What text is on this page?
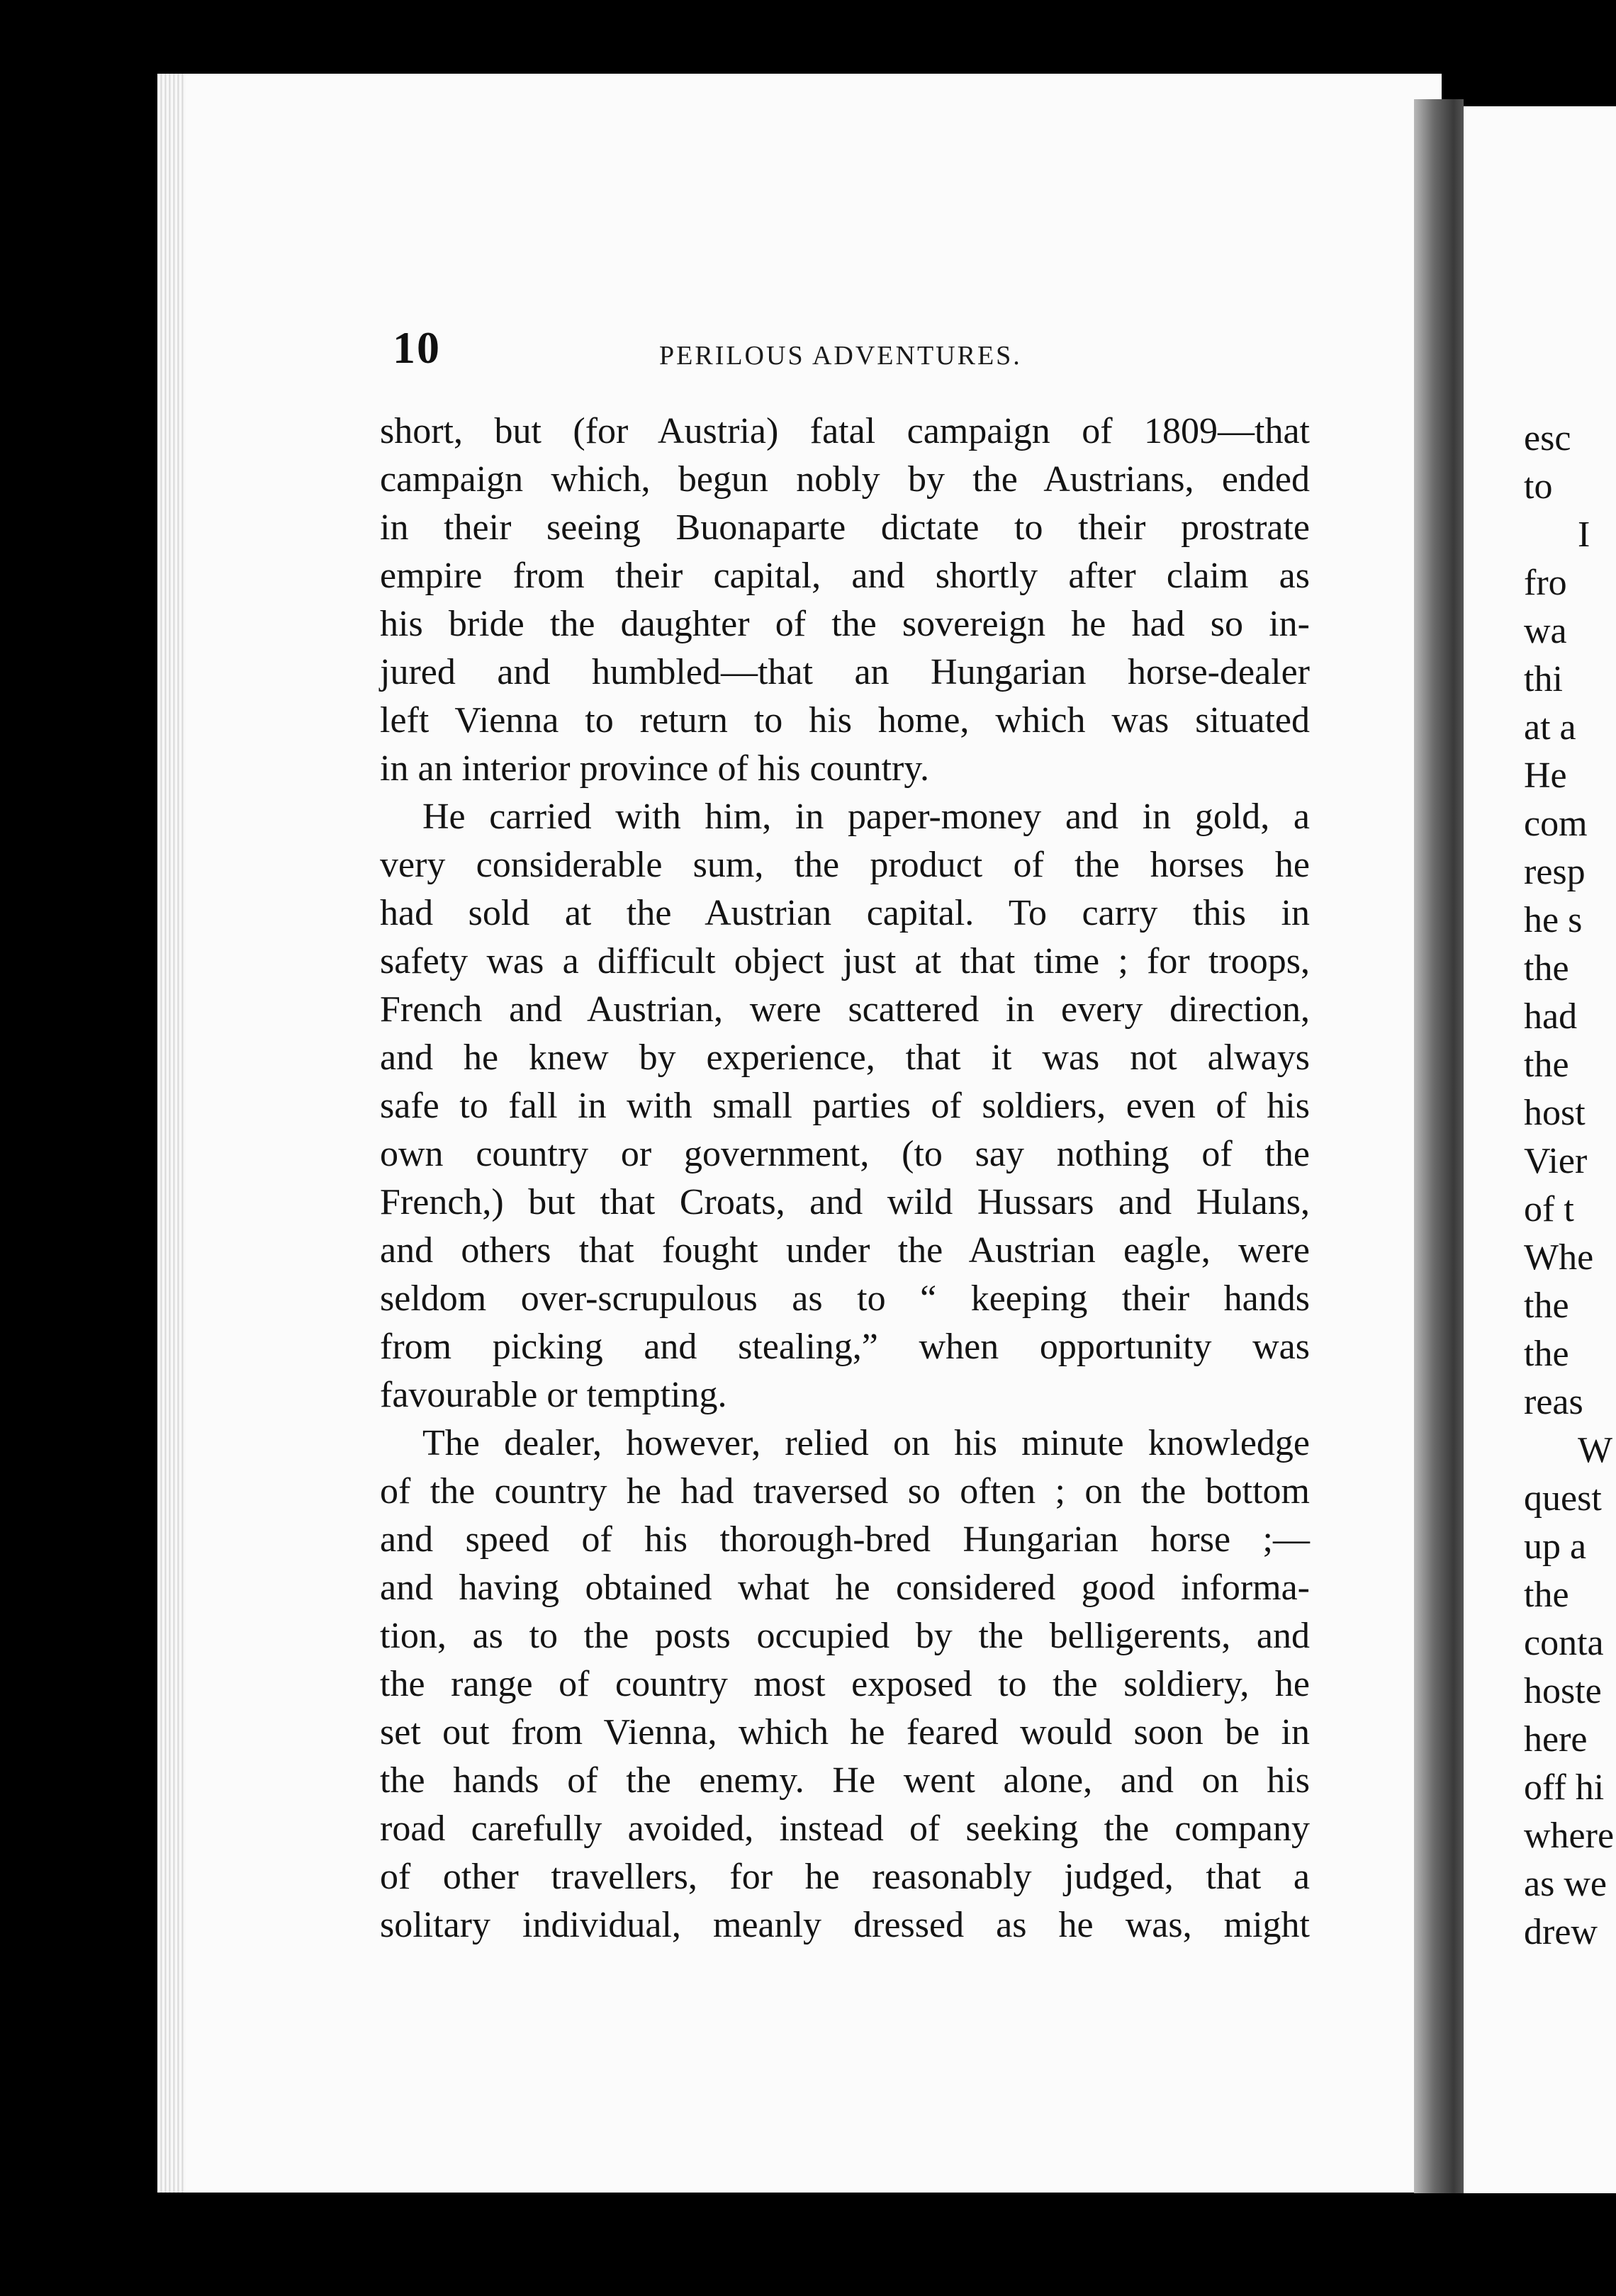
10	PERILOUS ADVENTURES.
short, but (for Austria) fatal campaign of 1809—that
campaign which, begun nobly by the Austrians, ended
in their seeing Buonaparte dictate to their prostrate
empire from their capital, and shortly after claim as
his bride the daughter of the sovereign he had so in-
jured and humbled—that an Hungarian horse-dealer
left Vienna to return to his home, which was situated
in an interior province of his country.
He carried with him, in paper-money and in gold, a
very considerable sum, the product of the horses he
had sold at the Austrian capital. To carry this in
safety was a difficult object just at that time ; for troops,
French and Austrian, were scattered in every direction,
and he knew by experience, that it was not always
safe to fall in with small parties of soldiers, even of his
own country or government, (to say nothing of the
French,) but that Croats, and wild Hussars and Hulans,
and others that fought under the Austrian eagle, were
seldom over-scrupulous as to “ keeping their hands
from picking and stealing,” when opportunity was
favourable or tempting.
The dealer, however, relied on his minute knowledge
of the country he had traversed so often ; on the bottom
and speed of his thorough-bred Hungarian horse ;—
and having obtained what he considered good informa-
tion, as to the posts occupied by the belligerents, and
the range of country most exposed to the soldiery, he
set out from Vienna, which he feared would soon be in
the hands of the enemy. He went alone, and on his
road carefully avoided, instead of seeking the company
of other travellers, for he reasonably judged, that a
solitary individual, meanly dressed as he was, might
esc
to
I
fro
wa
thi
at a
He
com
resp
he s
the
had
the
host
Vier
of t
Whe
the
the
reas
W
quest
up a
the
conta
hoste
here
off hi
where
as we
drew
